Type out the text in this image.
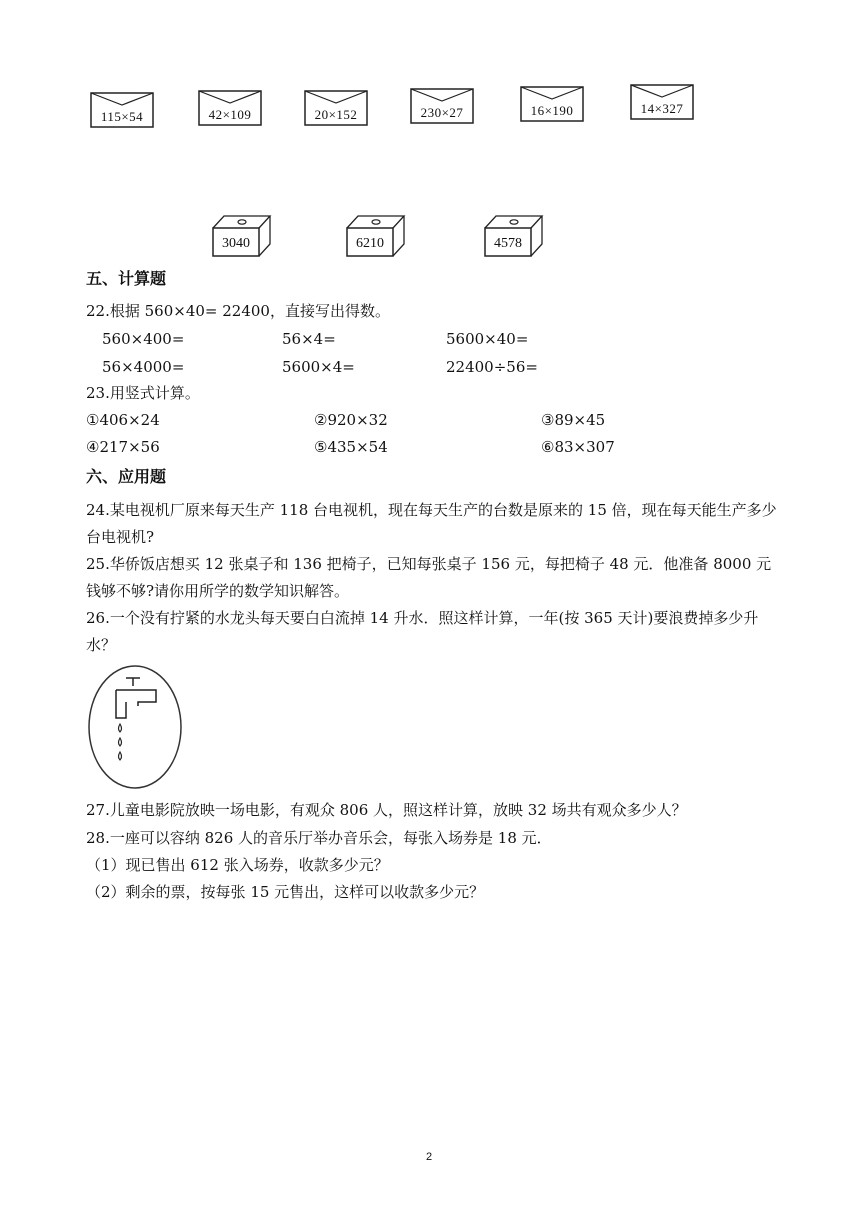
115×54	42×109	20×152	230×27	16×190	14×327
3040	6210	4578
五、计算题
22.根据 560×40= 22400，直接写出得数。
560×400=	56×4=	5600×40=
56×4000=	5600×4=	22400÷56=
23.用竖式计算。
①406×24	②920×32	③89×45
④217×56	⑤435×54	⑥83×307
六、应用题
24.某电视机厂原来每天生产 118 台电视机，现在每天生产的台数是原来的 15 倍，现在每天能生产多少台电视机?
25.华侨饭店想买 12 张桌子和 136 把椅子，已知每张桌子 156 元，每把椅子 48 元．他准备 8000 元钱够不够?请你用所学的数学知识解答。
26.一个没有拧紧的水龙头每天要白白流掉 14 升水．照这样计算，一年(按 365 天计)要浪费掉多少升水？
27.儿童电影院放映一场电影，有观众 806 人，照这样计算，放映 32 场共有观众多少人？
28.一座可以容纳 826 人的音乐厅举办音乐会，每张入场券是 18 元．
（1）现已售出 612 张入场券，收款多少元？
（2）剩余的票，按每张 15 元售出，这样可以收款多少元？
2
